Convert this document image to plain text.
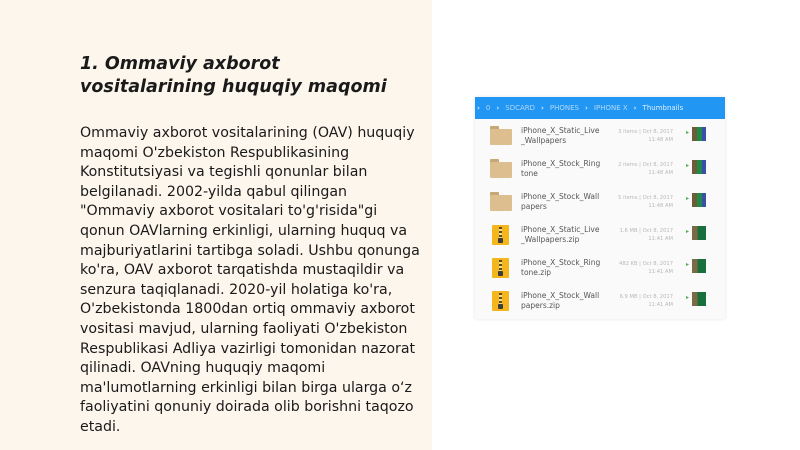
1. Ommaviy axborot vositalarining huquqiy maqomi

Ommaviy axborot vositalarining (OAV) huquqiy maqomi O'zbekiston Respublikasining Konstitutsiyasi va tegishli qonunlar bilan belgilanadi. 2002-yilda qabul qilingan "Ommaviy axborot vositalari to'g'risida"gi qonun OAVlarning erkinligi, ularning huquq va majburiyatlarini tartibga soladi. Ushbu qonunga ko'ra, OAV axborot tarqatishda mustaqildir va senzura taqiqlanadi. 2020-yil holatiga ko'ra, O'zbekistonda 1800dan ortiq ommaviy axborot vositasi mavjud, ularning faoliyati O'zbekiston Respublikasi Adliya vazirligi tomonidan nazorat qilinadi. OAVning huquqiy maqomi ma'lumotlarning erkinligi bilan birga ularga o‘z faoliyatini qonuniy doirada olib borishni taqozo etadi.

› 0 › SDCARD › PHONES › IPHONE X › Thumbnails
iPhone_X_Static_Live_Wallpapers
3 items | Oct 8, 2017 11:48 AM
▸
iPhone_X_Stock_Ringtone
2 items | Oct 8, 2017 11:48 AM
▸
iPhone_X_Stock_Wallpapers
5 items | Oct 8, 2017 11:48 AM
▸
iPhone_X_Static_Live_Wallpapers.zip
1.6 MB | Oct 8, 2017 11:41 AM
▸
iPhone_X_Stock_Ringtone.zip
482 KB | Oct 8, 2017 11:41 AM
▸
iPhone_X_Stock_Wallpapers.zip
6.9 MB | Oct 8, 2017 11:41 AM
▸
